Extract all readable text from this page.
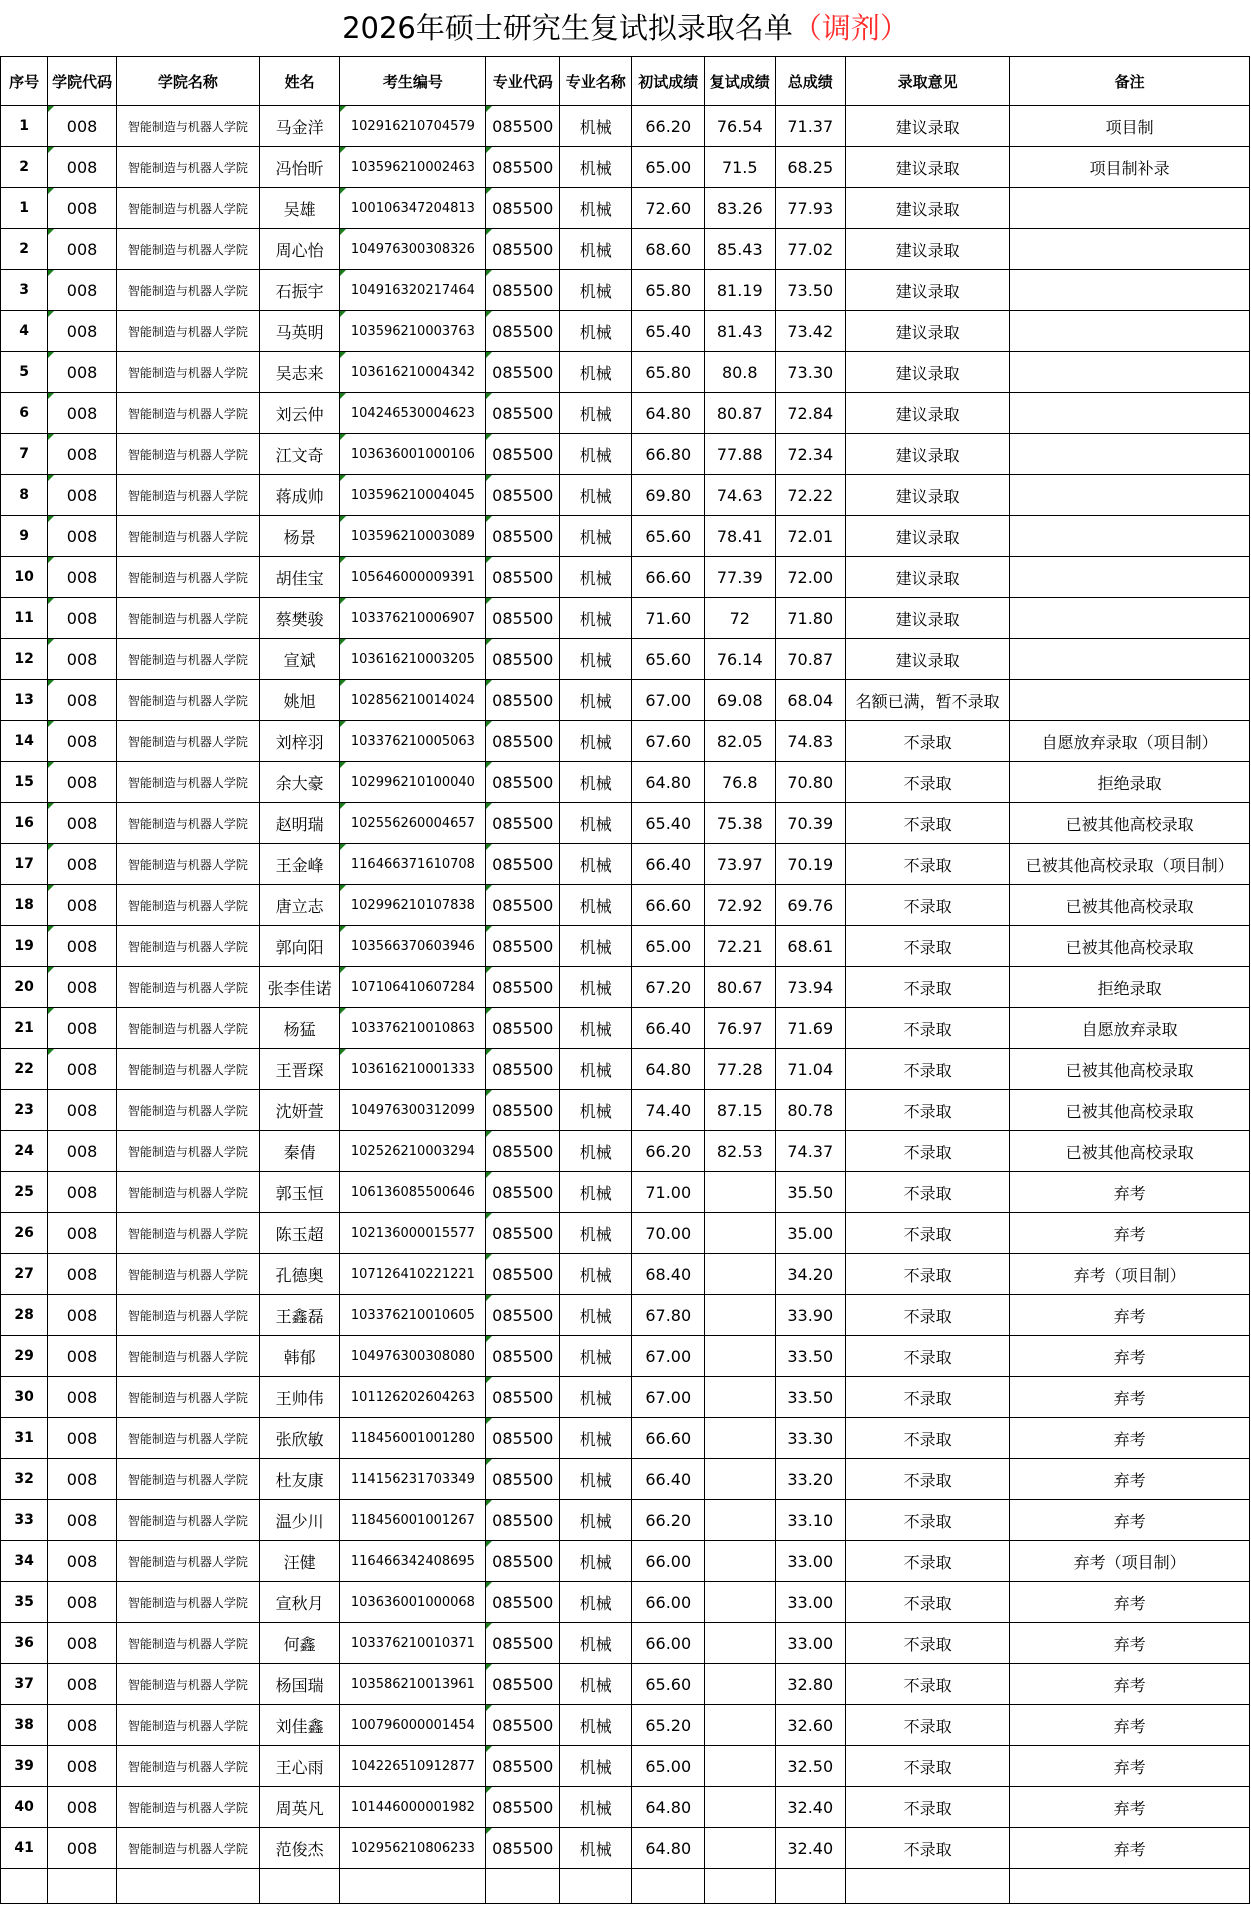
2026年硕士研究生复试拟录取名单（调剂）
序号	学院代码	学院名称	姓名	考生编号	专业代码	专业名称	初试成绩	复试成绩	总成绩	录取意见	备注
1	008	智能制造与机器人学院	马金洋	102916210704579	085500	机械	66.20	76.54	71.37	建议录取	项目制
2	008	智能制造与机器人学院	冯怡昕	103596210002463	085500	机械	65.00	71.5	68.25	建议录取	项目制补录
1	008	智能制造与机器人学院	吴雄	100106347204813	085500	机械	72.60	83.26	77.93	建议录取	
2	008	智能制造与机器人学院	周心怡	104976300308326	085500	机械	68.60	85.43	77.02	建议录取	
3	008	智能制造与机器人学院	石振宇	104916320217464	085500	机械	65.80	81.19	73.50	建议录取	
4	008	智能制造与机器人学院	马英明	103596210003763	085500	机械	65.40	81.43	73.42	建议录取	
5	008	智能制造与机器人学院	吴志来	103616210004342	085500	机械	65.80	80.8	73.30	建议录取	
6	008	智能制造与机器人学院	刘云仲	104246530004623	085500	机械	64.80	80.87	72.84	建议录取	
7	008	智能制造与机器人学院	江文奇	103636001000106	085500	机械	66.80	77.88	72.34	建议录取	
8	008	智能制造与机器人学院	蒋成帅	103596210004045	085500	机械	69.80	74.63	72.22	建议录取	
9	008	智能制造与机器人学院	杨景	103596210003089	085500	机械	65.60	78.41	72.01	建议录取	
10	008	智能制造与机器人学院	胡佳宝	105646000009391	085500	机械	66.60	77.39	72.00	建议录取	
11	008	智能制造与机器人学院	蔡樊骏	103376210006907	085500	机械	71.60	72	71.80	建议录取	
12	008	智能制造与机器人学院	宣斌	103616210003205	085500	机械	65.60	76.14	70.87	建议录取	
13	008	智能制造与机器人学院	姚旭	102856210014024	085500	机械	67.00	69.08	68.04	名额已满，暂不录取	
14	008	智能制造与机器人学院	刘梓羽	103376210005063	085500	机械	67.60	82.05	74.83	不录取	自愿放弃录取（项目制）
15	008	智能制造与机器人学院	余大豪	102996210100040	085500	机械	64.80	76.8	70.80	不录取	拒绝录取
16	008	智能制造与机器人学院	赵明瑞	102556260004657	085500	机械	65.40	75.38	70.39	不录取	已被其他高校录取
17	008	智能制造与机器人学院	王金峰	116466371610708	085500	机械	66.40	73.97	70.19	不录取	已被其他高校录取（项目制）
18	008	智能制造与机器人学院	唐立志	102996210107838	085500	机械	66.60	72.92	69.76	不录取	已被其他高校录取
19	008	智能制造与机器人学院	郭向阳	103566370603946	085500	机械	65.00	72.21	68.61	不录取	已被其他高校录取
20	008	智能制造与机器人学院	张李佳诺	107106410607284	085500	机械	67.20	80.67	73.94	不录取	拒绝录取
21	008	智能制造与机器人学院	杨猛	103376210010863	085500	机械	66.40	76.97	71.69	不录取	自愿放弃录取
22	008	智能制造与机器人学院	王晋琛	103616210001333	085500	机械	64.80	77.28	71.04	不录取	已被其他高校录取
23	008	智能制造与机器人学院	沈妍萱	104976300312099	085500	机械	74.40	87.15	80.78	不录取	已被其他高校录取
24	008	智能制造与机器人学院	秦倩	102526210003294	085500	机械	66.20	82.53	74.37	不录取	已被其他高校录取
25	008	智能制造与机器人学院	郭玉恒	106136085500646	085500	机械	71.00		35.50	不录取	弃考
26	008	智能制造与机器人学院	陈玉超	102136000015577	085500	机械	70.00		35.00	不录取	弃考
27	008	智能制造与机器人学院	孔德奥	107126410221221	085500	机械	68.40		34.20	不录取	弃考（项目制）
28	008	智能制造与机器人学院	王鑫磊	103376210010605	085500	机械	67.80		33.90	不录取	弃考
29	008	智能制造与机器人学院	韩郁	104976300308080	085500	机械	67.00		33.50	不录取	弃考
30	008	智能制造与机器人学院	王帅伟	101126202604263	085500	机械	67.00		33.50	不录取	弃考
31	008	智能制造与机器人学院	张欣敏	118456001001280	085500	机械	66.60		33.30	不录取	弃考
32	008	智能制造与机器人学院	杜友康	114156231703349	085500	机械	66.40		33.20	不录取	弃考
33	008	智能制造与机器人学院	温少川	118456001001267	085500	机械	66.20		33.10	不录取	弃考
34	008	智能制造与机器人学院	汪健	116466342408695	085500	机械	66.00		33.00	不录取	弃考（项目制）
35	008	智能制造与机器人学院	宣秋月	103636001000068	085500	机械	66.00		33.00	不录取	弃考
36	008	智能制造与机器人学院	何鑫	103376210010371	085500	机械	66.00		33.00	不录取	弃考
37	008	智能制造与机器人学院	杨国瑞	103586210013961	085500	机械	65.60		32.80	不录取	弃考
38	008	智能制造与机器人学院	刘佳鑫	100796000001454	085500	机械	65.20		32.60	不录取	弃考
39	008	智能制造与机器人学院	王心雨	104226510912877	085500	机械	65.00		32.50	不录取	弃考
40	008	智能制造与机器人学院	周英凡	101446000001982	085500	机械	64.80		32.40	不录取	弃考
41	008	智能制造与机器人学院	范俊杰	102956210806233	085500	机械	64.80		32.40	不录取	弃考
